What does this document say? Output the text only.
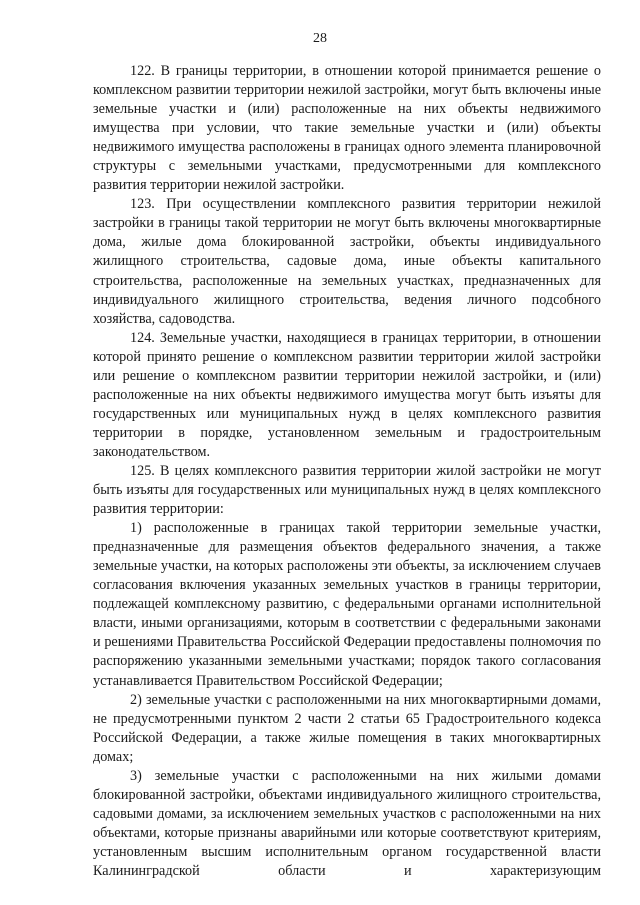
28

122. В границы территории, в отношении которой принимается решение о комплексном развитии территории нежилой застройки, могут быть включены иные земельные участки и (или) расположенные на них объекты недвижимого имущества при условии, что такие земельные участки и (или) объекты недвижимого имущества расположены в границах одного элемента планировочной структуры с земельными участками, предусмотренными для комплексного развития территории нежилой застройки.

123. При осуществлении комплексного развития территории нежилой застройки в границы такой территории не могут быть включены многоквартирные дома, жилые дома блокированной застройки, объекты индивидуального жилищного строительства, садовые дома, иные объекты капитального строительства, расположенные на земельных участках, предназначенных для индивидуального жилищного строительства, ведения личного подсобного хозяйства, садоводства.

124. Земельные участки, находящиеся в границах территории, в отношении которой принято решение о комплексном развитии территории жилой застройки или решение о комплексном развитии территории нежилой застройки, и (или) расположенные на них объекты недвижимого имущества могут быть изъяты для государственных или муниципальных нужд в целях комплексного развития территории в порядке, установленном земельным и градостроительным законодательством.

125. В целях комплексного развития территории жилой застройки не могут быть изъяты для государственных или муниципальных нужд в целях комплексного развития территории:

1) расположенные в границах такой территории земельные участки, предназначенные для размещения объектов федерального значения, а также земельные участки, на которых расположены эти объекты, за исключением случаев согласования включения указанных земельных участков в границы территории, подлежащей комплексному развитию, с федеральными органами исполнительной власти, иными организациями, которым в соответствии с федеральными законами и решениями Правительства Российской Федерации предоставлены полномочия по распоряжению указанными земельными участками; порядок такого согласования устанавливается Правительством Российской Федерации;

2) земельные участки с расположенными на них многоквартирными домами, не предусмотренными пунктом 2 части 2 статьи 65 Градостроительного кодекса Российской Федерации, а также жилые помещения в таких многоквартирных домах;

3) земельные участки с расположенными на них жилыми домами блокированной застройки, объектами индивидуального жилищного строительства, садовыми домами, за исключением земельных участков с расположенными на них объектами, которые признаны аварийными или которые соответствуют критериям, установленным высшим исполнительным органом государственной власти Калининградской области и характеризующим
